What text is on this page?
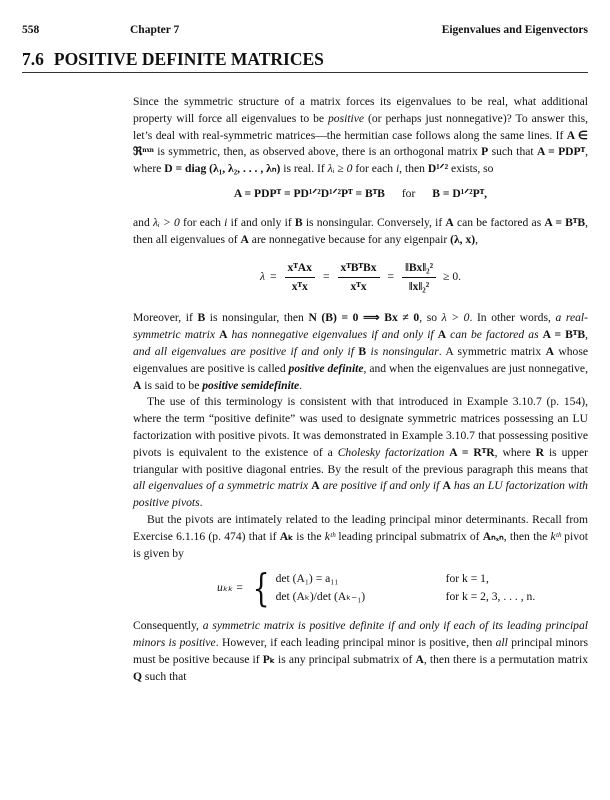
558	Chapter 7	Eigenvalues and Eigenvectors
7.6 POSITIVE DEFINITE MATRICES

Since the symmetric structure of a matrix forces its eigenvalues to be real, what additional property will force all eigenvalues to be positive (or perhaps just nonnegative)? To answer this, let’s deal with real-symmetric matrices—the hermitian case follows along the same lines. If A ∈ ℜⁿˣⁿ is symmetric, then, as observed above, there is an orthogonal matrix P such that A = PDPᵀ, where D = diag (λ₁, λ₂, . . . , λₙ) is real. If λᵢ ≥ 0 for each i, then D¹ᐟ² exists, so

A = PDPᵀ = PD¹ᐟ²D¹ᐟ²Pᵀ = BᵀB for B = D¹ᐟ²Pᵀ,

and λᵢ > 0 for each i if and only if B is nonsingular. Conversely, if A can be factored as A = BᵀB, then all eigenvalues of A are nonnegative because for any eigenpair (λ, x),

$\lambda = \frac{\text{xᵀAx}}{\text{xᵀx}} = \frac{\text{xᵀBᵀBx}}{\text{xᵀx}} = \frac{\text{‖Bx‖₂²}}{\text{‖x‖₂²}} \ge 0$.

Moreover, if B is nonsingular, then N (B) = 0 ⟹ Bx ≠ 0, so λ > 0. In other words, a real-symmetric matrix A has nonnegative eigenvalues if and only if A can be factored as A = BᵀB, and all eigenvalues are positive if and only if B is nonsingular. A symmetric matrix A whose eigenvalues are positive is called positive definite, and when the eigenvalues are just nonnegative, A is said to be positive semidefinite.

The use of this terminology is consistent with that introduced in Example 3.10.7 (p. 154), where the term “positive definite” was used to designate symmetric matrices possessing an LU factorization with positive pivots. It was demonstrated in Example 3.10.7 that possessing positive pivots is equivalent to the existence of a Cholesky factorization A = RᵀR, where R is upper triangular with positive diagonal entries. By the result of the previous paragraph this means that all eigenvalues of a symmetric matrix A are positive if and only if A has an LU factorization with positive pivots.

But the pivots are intimately related to the leading principal minor determinants. Recall from Exercise 6.1.16 (p. 474) that if Aₖ is the kᵗʰ leading principal submatrix of Aₙₓₙ, then the kᵗʰ pivot is given by

uₖₖ = { det (A₁) = a₁₁	for k = 1,
det (Aₖ)/det (Aₖ₋₁)	for k = 2, 3, . . . , n.

Consequently, a symmetric matrix is positive definite if and only if each of its leading principal minors is positive. However, if each leading principal minor is positive, then all principal minors must be positive because if Pₖ is any principal submatrix of A, then there is a permutation matrix Q such that
